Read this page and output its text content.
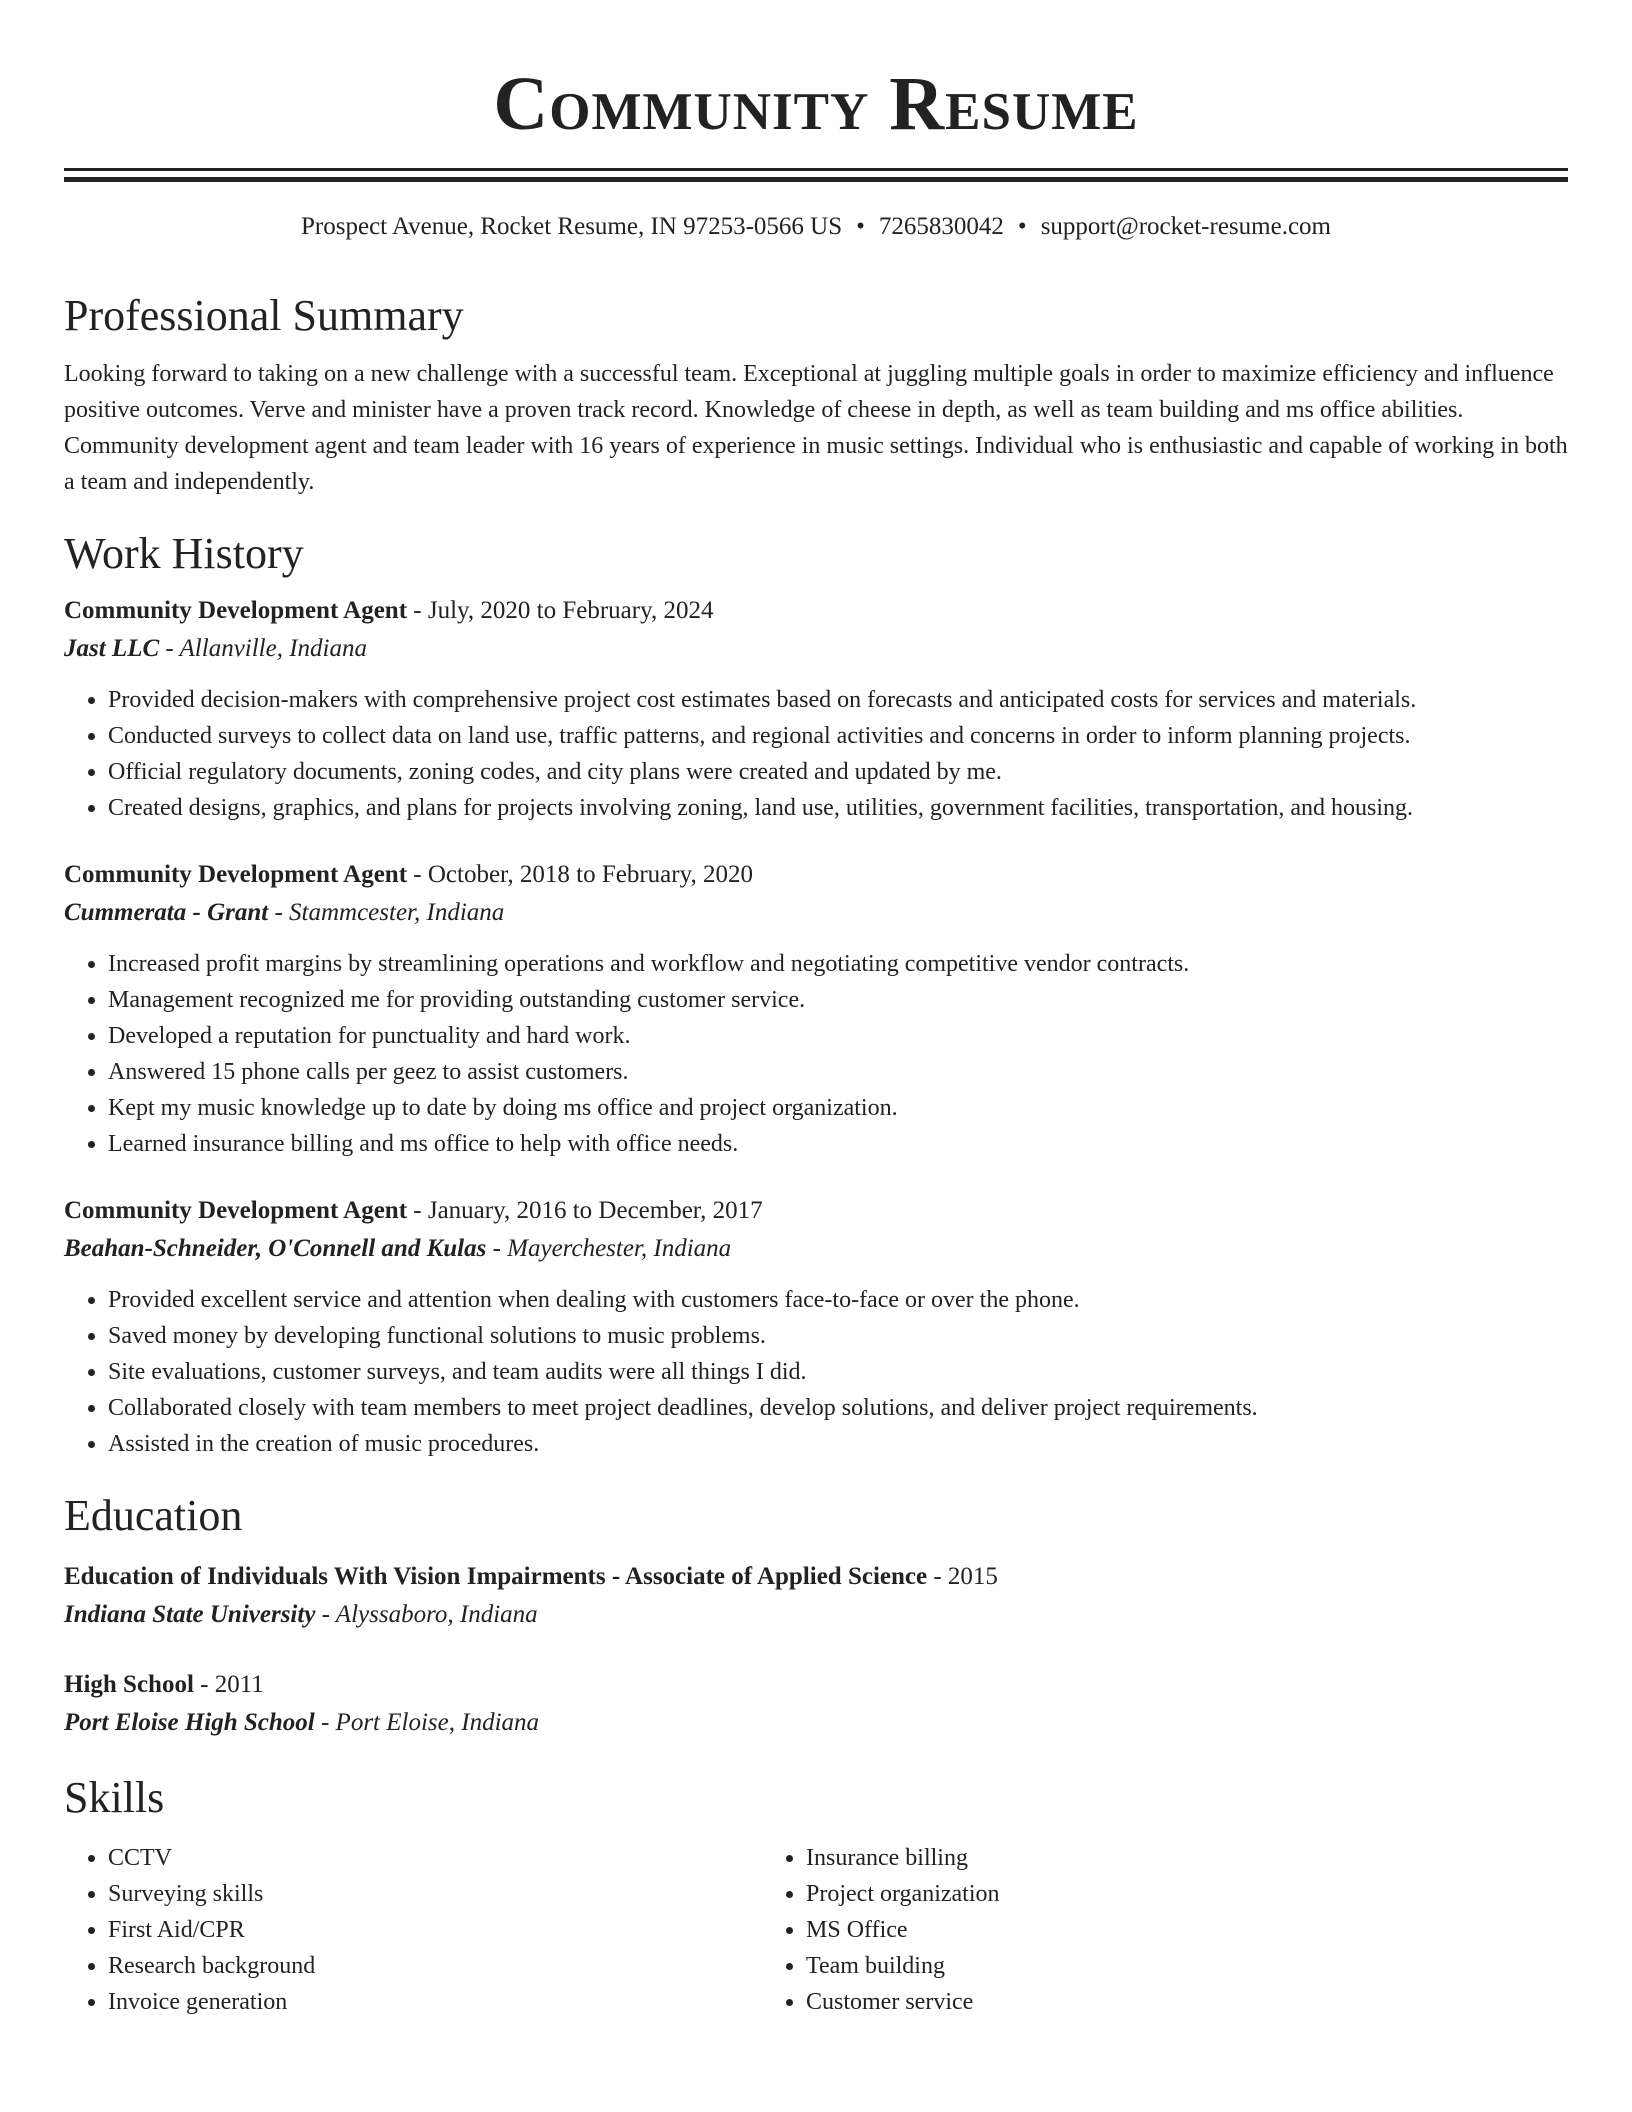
Community Resume
Prospect Avenue, Rocket Resume, IN 97253-0566 US • 7265830042 • support@rocket-resume.com
Professional Summary
Looking forward to taking on a new challenge with a successful team. Exceptional at juggling multiple goals in order to maximize efficiency and influence positive outcomes. Verve and minister have a proven track record. Knowledge of cheese in depth, as well as team building and ms office abilities. Community development agent and team leader with 16 years of experience in music settings. Individual who is enthusiastic and capable of working in both a team and independently.
Work History
Community Development Agent - July, 2020 to February, 2024
Jast LLC - Allanville, Indiana
• Provided decision-makers with comprehensive project cost estimates based on forecasts and anticipated costs for services and materials.
• Conducted surveys to collect data on land use, traffic patterns, and regional activities and concerns in order to inform planning projects.
• Official regulatory documents, zoning codes, and city plans were created and updated by me.
• Created designs, graphics, and plans for projects involving zoning, land use, utilities, government facilities, transportation, and housing.
Community Development Agent - October, 2018 to February, 2020
Cummerata - Grant - Stammcester, Indiana
• Increased profit margins by streamlining operations and workflow and negotiating competitive vendor contracts.
• Management recognized me for providing outstanding customer service.
• Developed a reputation for punctuality and hard work.
• Answered 15 phone calls per geez to assist customers.
• Kept my music knowledge up to date by doing ms office and project organization.
• Learned insurance billing and ms office to help with office needs.
Community Development Agent - January, 2016 to December, 2017
Beahan-Schneider, O'Connell and Kulas - Mayerchester, Indiana
• Provided excellent service and attention when dealing with customers face-to-face or over the phone.
• Saved money by developing functional solutions to music problems.
• Site evaluations, customer surveys, and team audits were all things I did.
• Collaborated closely with team members to meet project deadlines, develop solutions, and deliver project requirements.
• Assisted in the creation of music procedures.
Education
Education of Individuals With Vision Impairments - Associate of Applied Science - 2015
Indiana State University - Alyssaboro, Indiana
High School - 2011
Port Eloise High School - Port Eloise, Indiana
Skills
• CCTV
• Surveying skills
• First Aid/CPR
• Research background
• Invoice generation
• Insurance billing
• Project organization
• MS Office
• Team building
• Customer service
